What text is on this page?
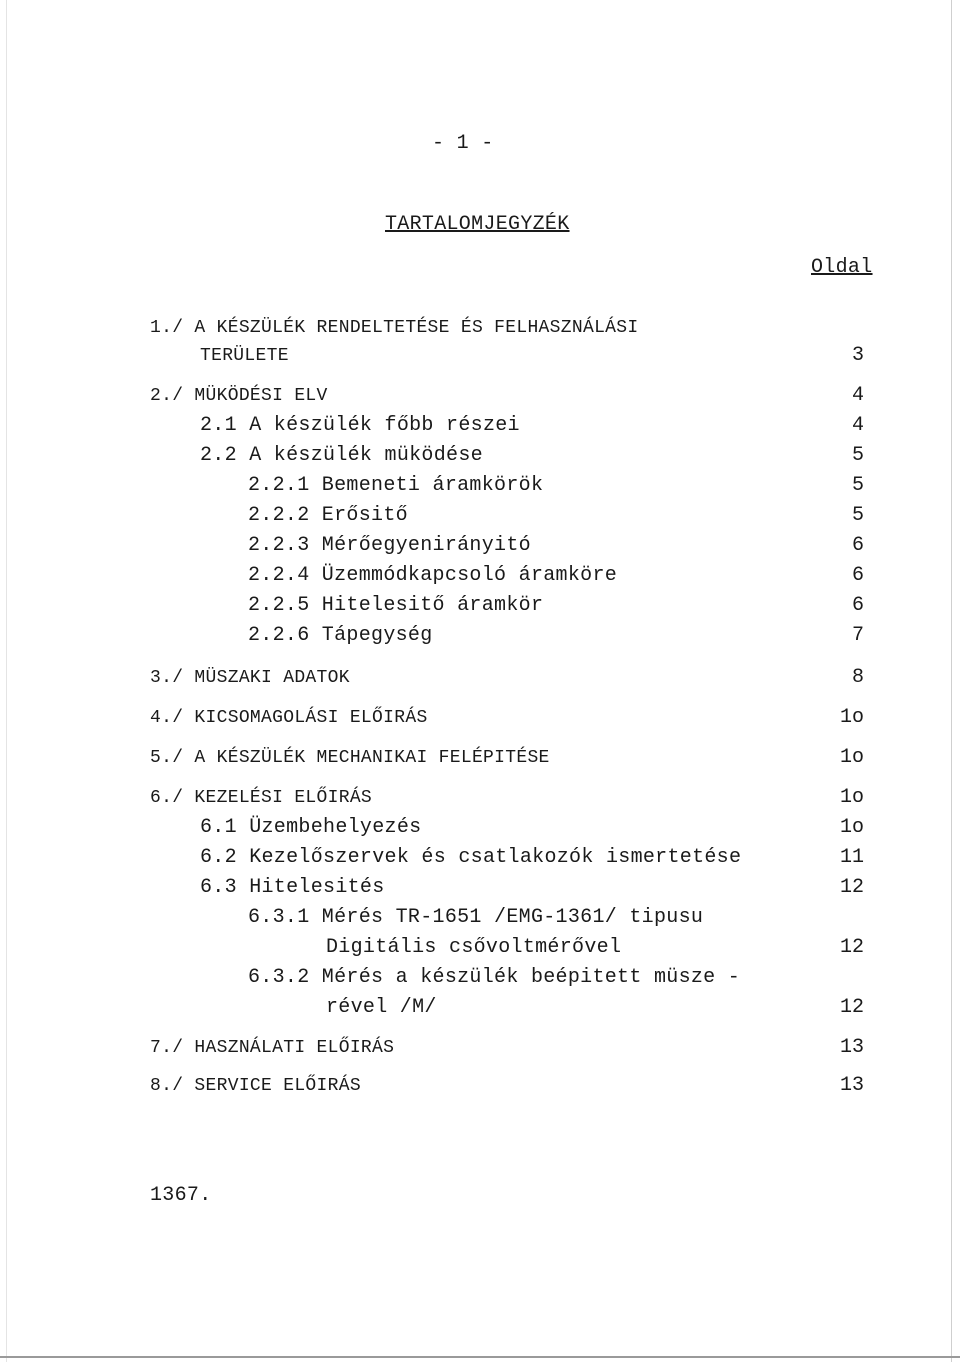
- 1 -
TARTALOMJEGYZÉK
Oldal
1./ A KÉSZÜLÉK RENDELTETÉSE ÉS FELHASZNÁLÁSI
TERÜLETE	3
2./ MÜKÖDÉSI ELV	4
2.1 A készülék főbb részei	4
2.2 A készülék müködése	5
2.2.1 Bemeneti áramkörök	5
2.2.2 Erősitő	5
2.2.3 Mérőegyenirányitó	6
2.2.4 Üzemmódkapcsoló áramköre	6
2.2.5 Hitelesitő áramkör	6
2.2.6 Tápegység	7
3./ MÜSZAKI ADATOK	8
4./ KICSOMAGOLÁSI ELŐIRÁS	1o
5./ A KÉSZÜLÉK MECHANIKAI FELÉPITÉSE	1o
6./ KEZELÉSI ELŐIRÁS	1o
6.1 Üzembehelyezés	1o
6.2 Kezelőszervek és csatlakozók ismertetése	11
6.3 Hitelesités	12
6.3.1 Mérés TR-1651 /EMG-1361/ tipusu
Digitális csővoltmérővel	12
6.3.2 Mérés a készülék beépitett müsze -
rével /M/	12
7./ HASZNÁLATI ELŐIRÁS	13
8./ SERVICE ELŐIRÁS	13
1367.
